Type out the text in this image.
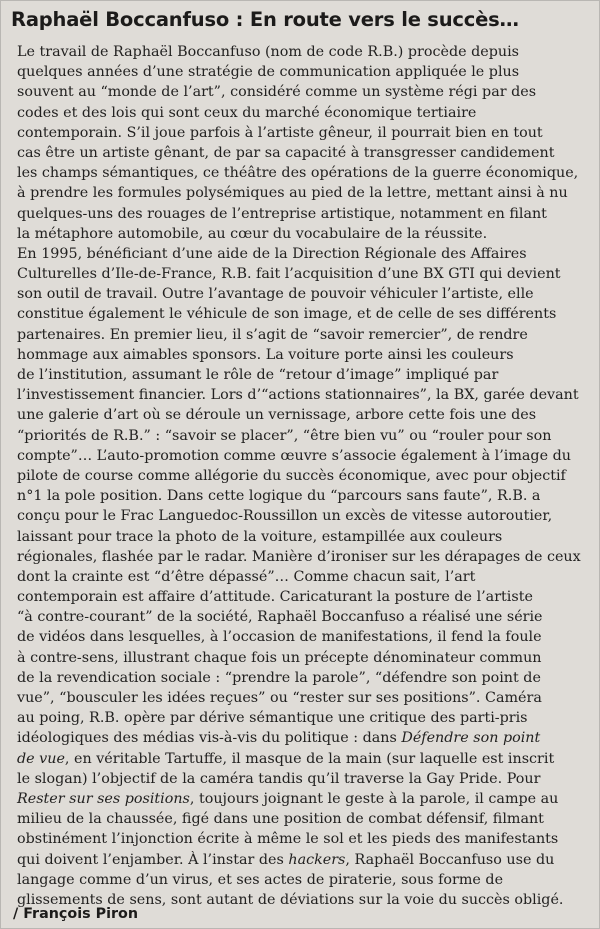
Raphaël Boccanfuso : En route vers le succès…
Le travail de Raphaël Boccanfuso (nom de code R.B.) procède depuis
quelques années d’une stratégie de communication appliquée le plus
souvent au “monde de l’art”, considéré comme un système régi par des
codes et des lois qui sont ceux du marché économique tertiaire
contemporain. S’il joue parfois à l’artiste gêneur, il pourrait bien en tout
cas être un artiste gênant, de par sa capacité à transgresser candidement
les champs sémantiques, ce théâtre des opérations de la guerre économique,
à prendre les formules polysémiques au pied de la lettre, mettant ainsi à nu
quelques-uns des rouages de l’entreprise artistique, notamment en filant
la métaphore automobile, au cœur du vocabulaire de la réussite.
En 1995, bénéficiant d’une aide de la Direction Régionale des Affaires
Culturelles d’Ile-de-France, R.B. fait l’acquisition d’une BX GTI qui devient
son outil de travail. Outre l’avantage de pouvoir véhiculer l’artiste, elle
constitue également le véhicule de son image, et de celle de ses différents
partenaires. En premier lieu, il s’agit de “savoir remercier”, de rendre
hommage aux aimables sponsors. La voiture porte ainsi les couleurs
de l’institution, assumant le rôle de “retour d’image” impliqué par
l’investissement financier. Lors d’“actions stationnaires”, la BX, garée devant
une galerie d’art où se déroule un vernissage, arbore cette fois une des
“priorités de R.B.” : “savoir se placer”, “être bien vu” ou “rouler pour son
compte”… L’auto-promotion comme œuvre s’associe également à l’image du
pilote de course comme allégorie du succès économique, avec pour objectif
n°1 la pole position. Dans cette logique du “parcours sans faute”, R.B. a
conçu pour le Frac Languedoc-Roussillon un excès de vitesse autoroutier,
laissant pour trace la photo de la voiture, estampillée aux couleurs
régionales, flashée par le radar. Manière d’ironiser sur les dérapages de ceux
dont la crainte est “d’être dépassé”… Comme chacun sait, l’art
contemporain est affaire d’attitude. Caricaturant la posture de l’artiste
“à contre-courant” de la société, Raphaël Boccanfuso a réalisé une série
de vidéos dans lesquelles, à l’occasion de manifestations, il fend la foule
à contre-sens, illustrant chaque fois un précepte dénominateur commun
de la revendication sociale : “prendre la parole”, “défendre son point de
vue”, “bousculer les idées reçues” ou “rester sur ses positions”. Caméra
au poing, R.B. opère par dérive sémantique une critique des parti-pris
idéologiques des médias vis-à-vis du politique : dans Défendre son point
de vue, en véritable Tartuffe, il masque de la main (sur laquelle est inscrit
le slogan) l’objectif de la caméra tandis qu’il traverse la Gay Pride. Pour
Rester sur ses positions, toujours joignant le geste à la parole, il campe au
milieu de la chaussée, figé dans une position de combat défensif, filmant
obstinément l’injonction écrite à même le sol et les pieds des manifestants
qui doivent l’enjamber. À l’instar des hackers, Raphaël Boccanfuso use du
langage comme d’un virus, et ses actes de piraterie, sous forme de
glissements de sens, sont autant de déviations sur la voie du succès obligé.
/ François Piron
